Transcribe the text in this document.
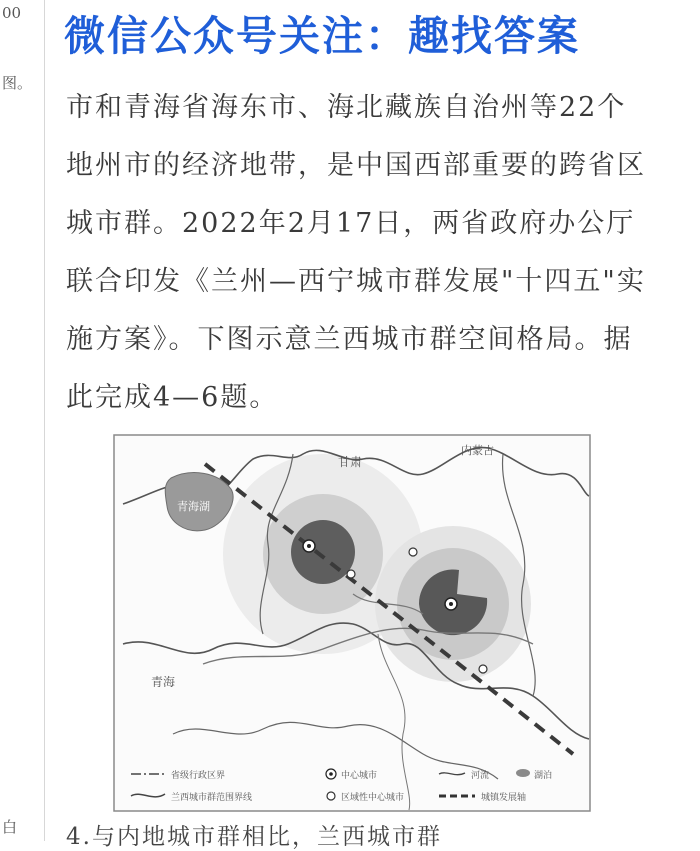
00
图。
白
微信公众号关注：趣找答案
市和青海省海东市、海北藏族自治州等22个
地州市的经济地带，是中国西部重要的跨省区
城市群。2022年2月17日，两省政府办公厅
联合印发《兰州—西宁城市群发展"十四五"实
施方案》。下图示意兰西城市群空间格局。据
此完成4—6题。
甘肃
内蒙古
青海
青海湖
省级行政区界
兰西城市群范围界线
中心城市
区域性中心城市
河流	湖泊
城镇发展轴
4.与内地城市群相比，兰西城市群
